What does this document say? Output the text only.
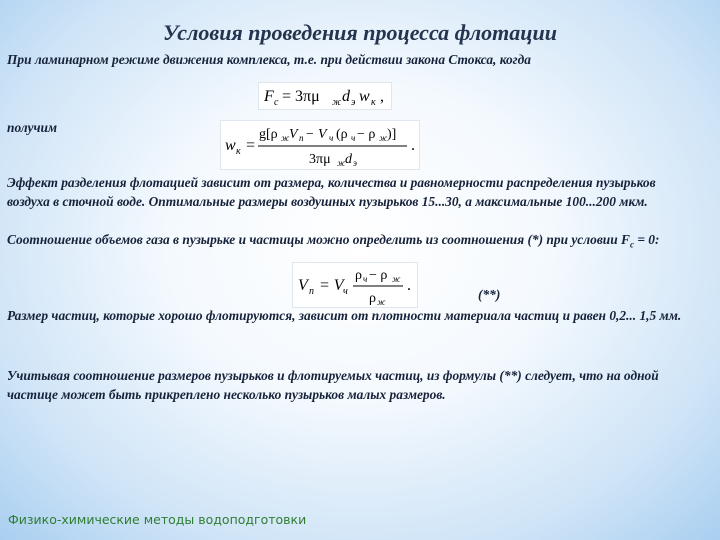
Условия проведения процесса флотации

При ламинарном режиме движения комплекса, т.е. при действии закона Стокса, когда

F c = 3πμ ж d э w к ,

получим

w к =
g[ρ ж V п − V ч (ρ ч − ρ ж )]
3πμ ж d э
.

Эффект разделения флотацией зависит от размера, количества и равномерности распределения пузырьков воздуха в сточной воде. Оптимальные размеры воздушных пузырьков 15...30, а максимальные 100...200 мкм.

Соотношение объемов газа в пузырьке и частицы можно определить из соотношения (*) при условии $F_c = 0$:

V п = V ч
ρ ч − ρ ж
ρ ж
.
(**)

Размер частиц, которые хорошо флотируются, зависит от плотности материала частиц и равен 0,2... 1,5 мм.

Учитывая соотношение размеров пузырьков и флотируемых частиц, из формулы (**) следует, что на одной частице может быть прикреплено несколько пузырьков малых размеров.

Физико-химические методы водоподготовки
